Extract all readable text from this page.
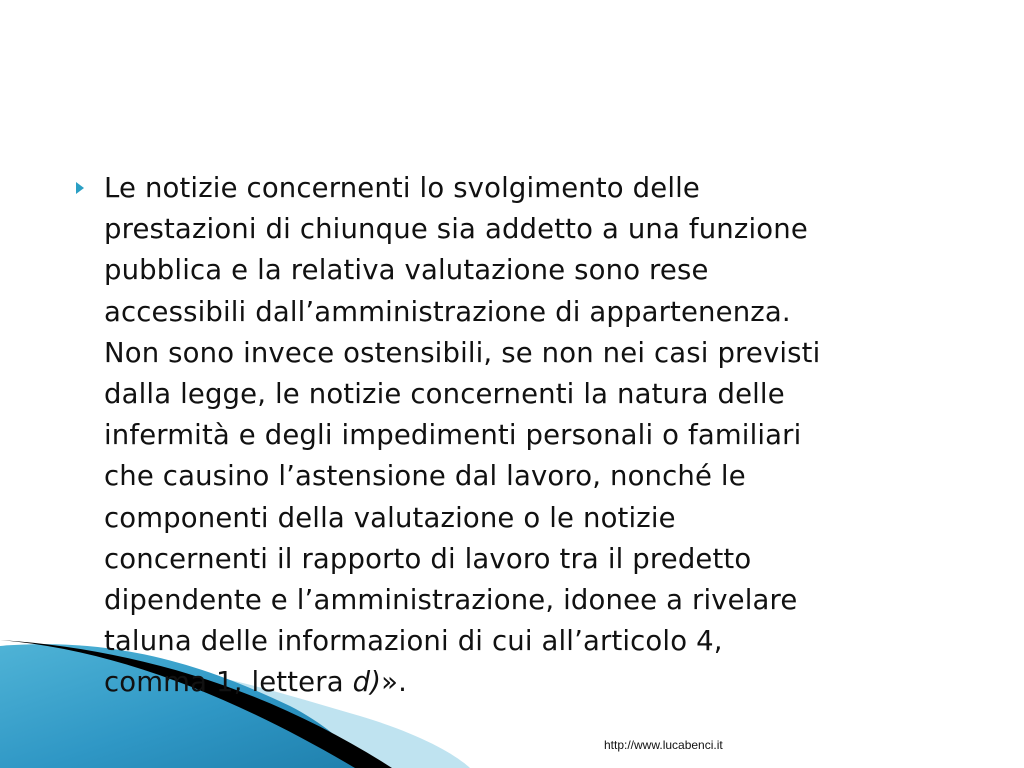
Le notizie concernenti lo svolgimento delle
prestazioni di chiunque sia addetto a una funzione
pubblica e la relativa valutazione sono rese
accessibili dall’amministrazione di appartenenza.
Non sono invece ostensibili, se non nei casi previsti
dalla legge, le notizie concernenti la natura delle
infermità e degli impedimenti personali o familiari
che causino l’astensione dal lavoro, nonché le
componenti della valutazione o le notizie
concernenti il rapporto di lavoro tra il predetto
dipendente e l’amministrazione, idonee a rivelare
taluna delle informazioni di cui all’articolo 4,
comma 1, lettera d)».

http://www.lucabenci.it
